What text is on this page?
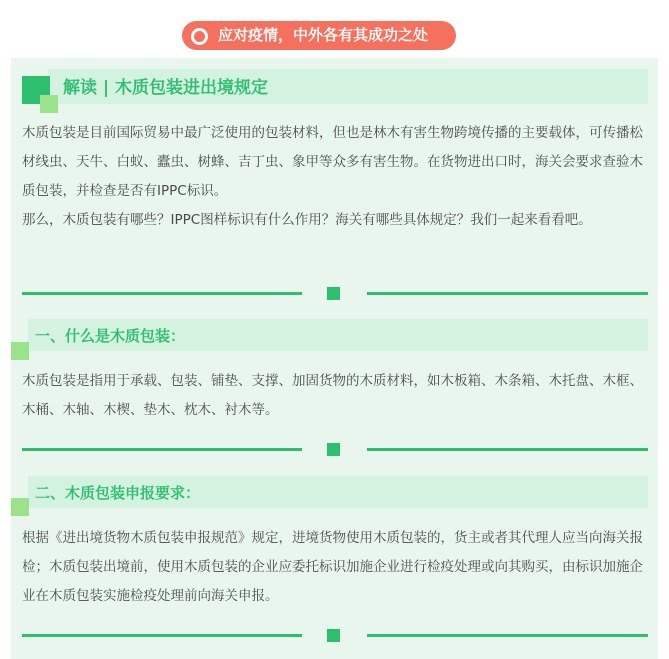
应对疫情，中外各有其成功之处
解读 | 木质包装进出境规定

木质包装是目前国际贸易中最广泛使用的包装材料，但也是林木有害生物跨境传播的主要载体，可传播松材线虫、天牛、白蚁、蠹虫、树蜂、吉丁虫、象甲等众多有害生物。在货物进出口时，海关会要求查验木质包装，并检查是否有IPPC标识。

那么，木质包装有哪些？IPPC图样标识有什么作用？海关有哪些具体规定？我们一起来看看吧。

一、什么是木质包装：

木质包装是指用于承载、包装、铺垫、支撑、加固货物的木质材料，如木板箱、木条箱、木托盘、木框、木桶、木轴、木楔、垫木、枕木、衬木等。

二、木质包装申报要求：

根据《进出境货物木质包装申报规范》规定，进境货物使用木质包装的，货主或者其代理人应当向海关报检；木质包装出境前，使用木质包装的企业应委托标识加施企业进行检疫处理或向其购买，由标识加施企业在木质包装实施检疫处理前向海关申报。
